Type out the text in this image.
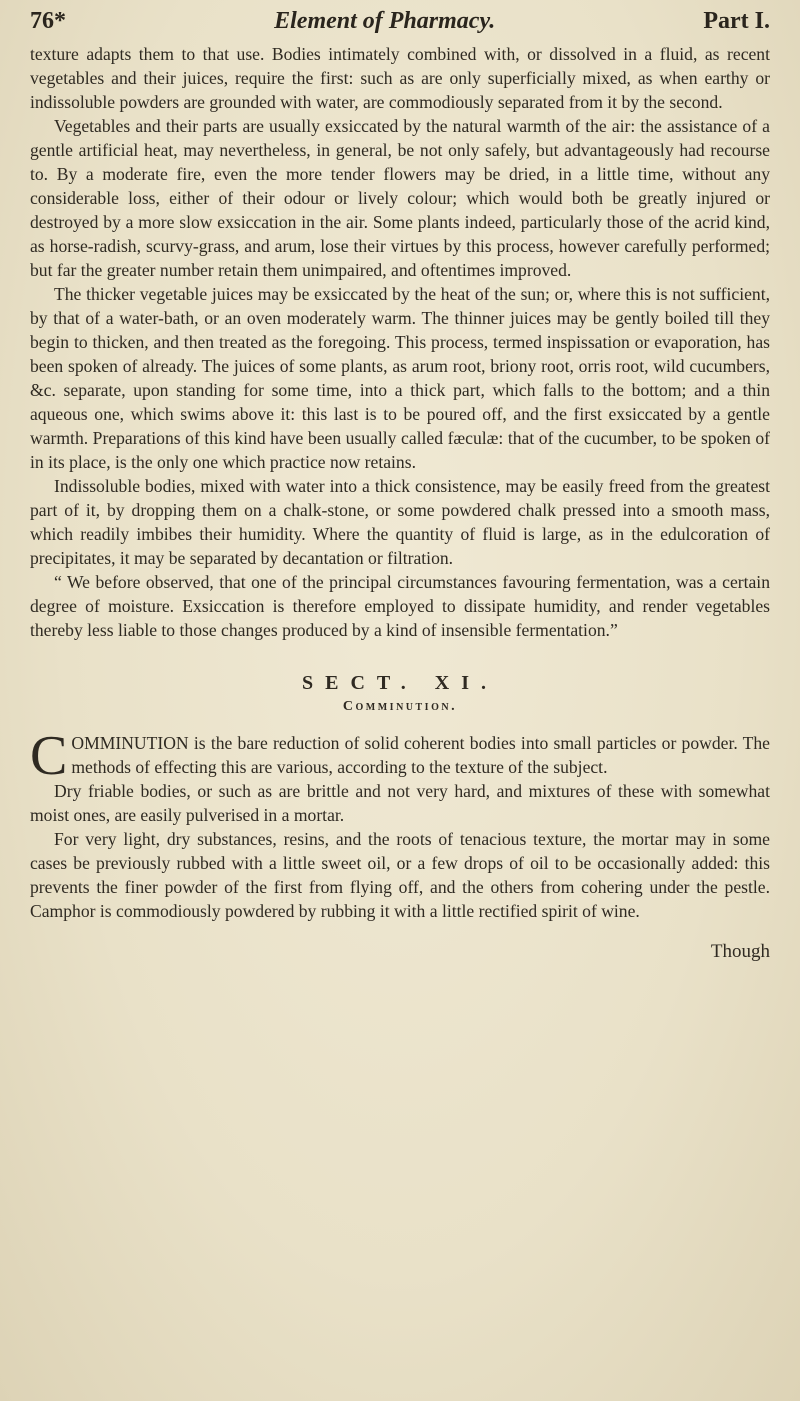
76*	Element of Pharmacy.	Part I.

texture adapts them to that use. Bodies intimately combined with, or dissolved in a fluid, as recent vegetables and their juices, require the first: such as are only superficially mixed, as when earthy or indissoluble powders are grounded with water, are commodiously separated from it by the second.

Vegetables and their parts are usually exsiccated by the natural warmth of the air: the assistance of a gentle artificial heat, may nevertheless, in general, be not only safely, but advantageously had recourse to. By a moderate fire, even the more tender flowers may be dried, in a little time, without any considerable loss, either of their odour or lively colour; which would both be greatly injured or destroyed by a more slow exsiccation in the air. Some plants indeed, particularly those of the acrid kind, as horse-radish, scurvy-grass, and arum, lose their virtues by this process, however carefully performed; but far the greater number retain them unimpaired, and oftentimes improved.

The thicker vegetable juices may be exsiccated by the heat of the sun; or, where this is not sufficient, by that of a water-bath, or an oven moderately warm. The thinner juices may be gently boiled till they begin to thicken, and then treated as the foregoing. This process, termed inspissation or evaporation, has been spoken of already. The juices of some plants, as arum root, briony root, orris root, wild cucumbers, &c. separate, upon standing for some time, into a thick part, which falls to the bottom; and a thin aqueous one, which swims above it: this last is to be poured off, and the first exsiccated by a gentle warmth. Preparations of this kind have been usually called fæculæ: that of the cucumber, to be spoken of in its place, is the only one which practice now retains.

Indissoluble bodies, mixed with water into a thick consistence, may be easily freed from the greatest part of it, by dropping them on a chalk-stone, or some powdered chalk pressed into a smooth mass, which readily imbibes their humidity. Where the quantity of fluid is large, as in the edulcoration of precipitates, it may be separated by decantation or filtration.

“ We before observed, that one of the principal circumstances favouring fermentation, was a certain degree of moisture. Exsiccation is therefore employed to dissipate humidity, and render vegetables thereby less liable to those changes produced by a kind of insensible fermentation.”

SECT. XI.
Comminution.

COMMINUTION is the bare reduction of solid coherent bodies into small particles or powder. The methods of effecting this are various, according to the texture of the subject.

Dry friable bodies, or such as are brittle and not very hard, and mixtures of these with somewhat moist ones, are easily pulverised in a mortar.

For very light, dry substances, resins, and the roots of tenacious texture, the mortar may in some cases be previously rubbed with a little sweet oil, or a few drops of oil to be occasionally added: this prevents the finer powder of the first from flying off, and the others from cohering under the pestle. Camphor is commodiously powdered by rubbing it with a little rectified spirit of wine.

Though
